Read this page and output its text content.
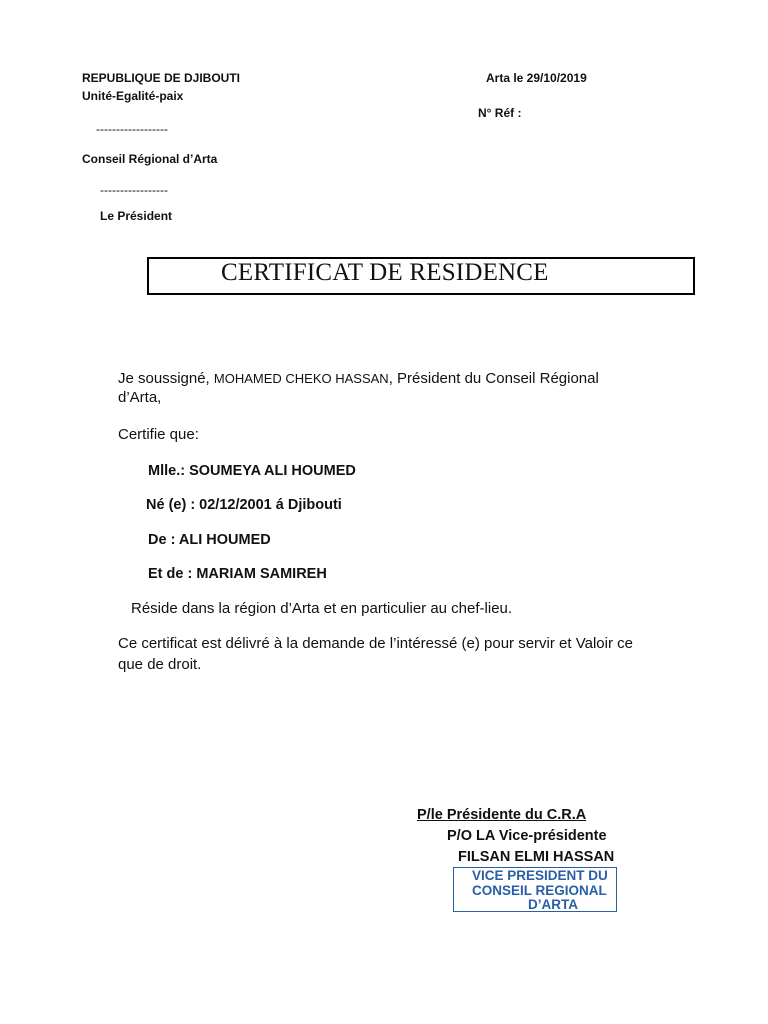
REPUBLIQUE DE DJIBOUTI
Unité-Egalité-paix
------------------
Conseil Régional d’Arta
-----------------
Le Président
Arta le 29/10/2019
N° Réf :
CERTIFICAT DE RESIDENCE
Je soussigné, MOHAMED CHEKO HASSAN, Président du Conseil Régional
d’Arta,
Certifie que:
Mlle.: SOUMEYA ALI HOUMED
Né (e) : 02/12/2001 á Djibouti
De : ALI HOUMED
Et de : MARIAM SAMIREH
Réside dans la région d’Arta et en particulier au chef-lieu.
Ce certificat est délivré à la demande de l’intéressé (e) pour servir et Valoir ce
que de droit.
P/le Présidente du C.R.A
P/O LA Vice-présidente
FILSAN ELMI HASSAN
VICE PRESIDENT DU
CONSEIL REGIONAL
D’ARTA
